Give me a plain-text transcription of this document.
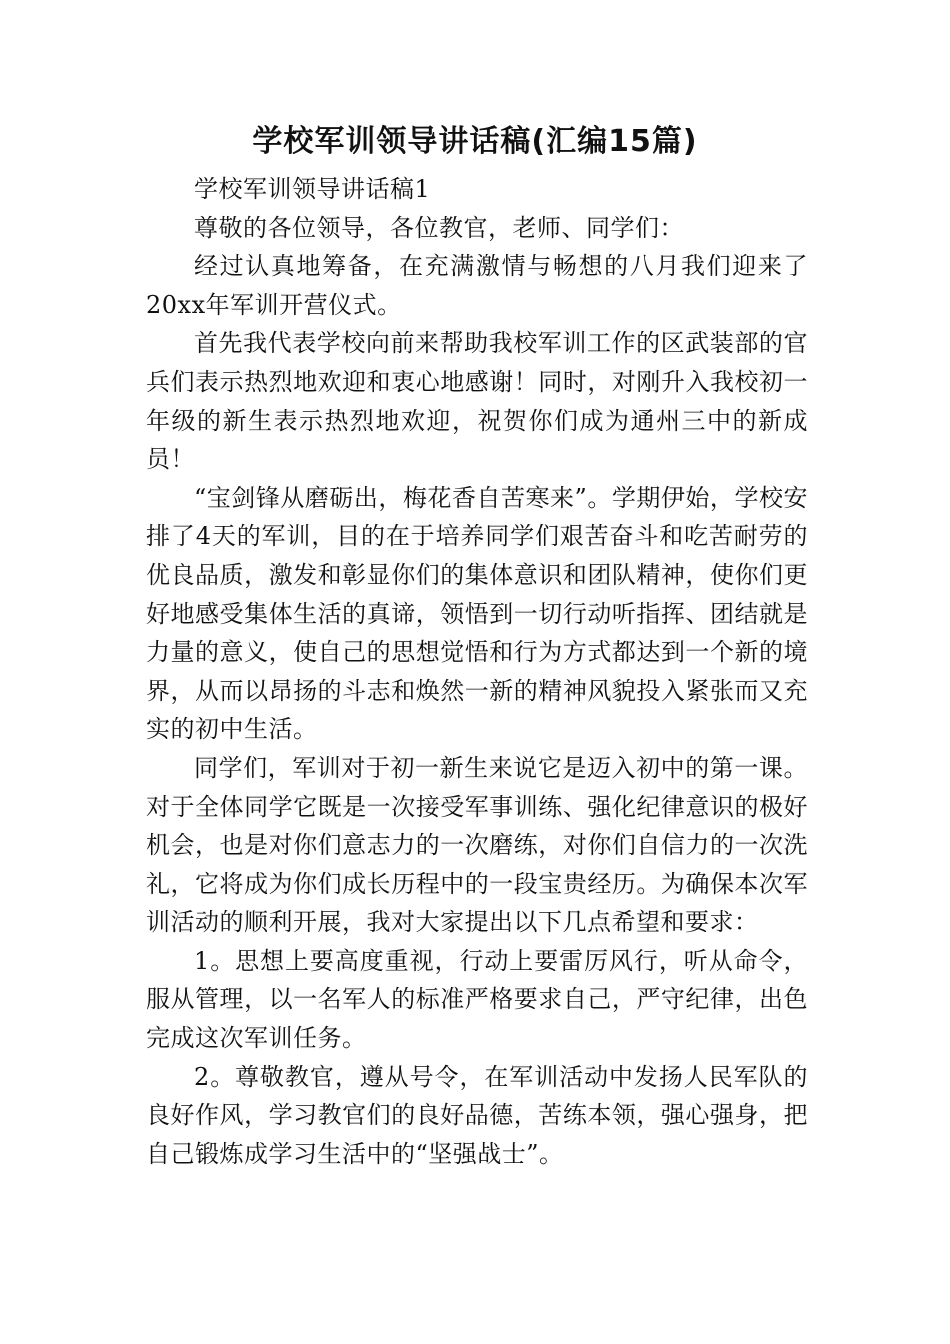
学校军训领导讲话稿(汇编15篇)

学校军训领导讲话稿1

尊敬的各位领导，各位教官，老师、同学们：

经过认真地筹备，在充满激情与畅想的八月我们迎来了20xx年军训开营仪式。

首先我代表学校向前来帮助我校军训工作的区武装部的官兵们表示热烈地欢迎和衷心地感谢！同时，对刚升入我校初一年级的新生表示热烈地欢迎，祝贺你们成为通州三中的新成员！

“宝剑锋从磨砺出，梅花香自苦寒来”。学期伊始，学校安排了4天的军训，目的在于培养同学们艰苦奋斗和吃苦耐劳的优良品质，激发和彰显你们的集体意识和团队精神，使你们更好地感受集体生活的真谛，领悟到一切行动听指挥、团结就是力量的意义，使自己的思想觉悟和行为方式都达到一个新的境界，从而以昂扬的斗志和焕然一新的精神风貌投入紧张而又充实的初中生活。

同学们，军训对于初一新生来说它是迈入初中的第一课。对于全体同学它既是一次接受军事训练、强化纪律意识的极好机会，也是对你们意志力的一次磨练，对你们自信力的一次洗礼，它将成为你们成长历程中的一段宝贵经历。为确保本次军训活动的顺利开展，我对大家提出以下几点希望和要求：

1。思想上要高度重视，行动上要雷厉风行，听从命令，服从管理，以一名军人的标准严格要求自己，严守纪律，出色完成这次军训任务。

2。尊敬教官，遵从号令，在军训活动中发扬人民军队的良好作风，学习教官们的良好品德，苦练本领，强心强身，把自己锻炼成学习生活中的“坚强战士”。
